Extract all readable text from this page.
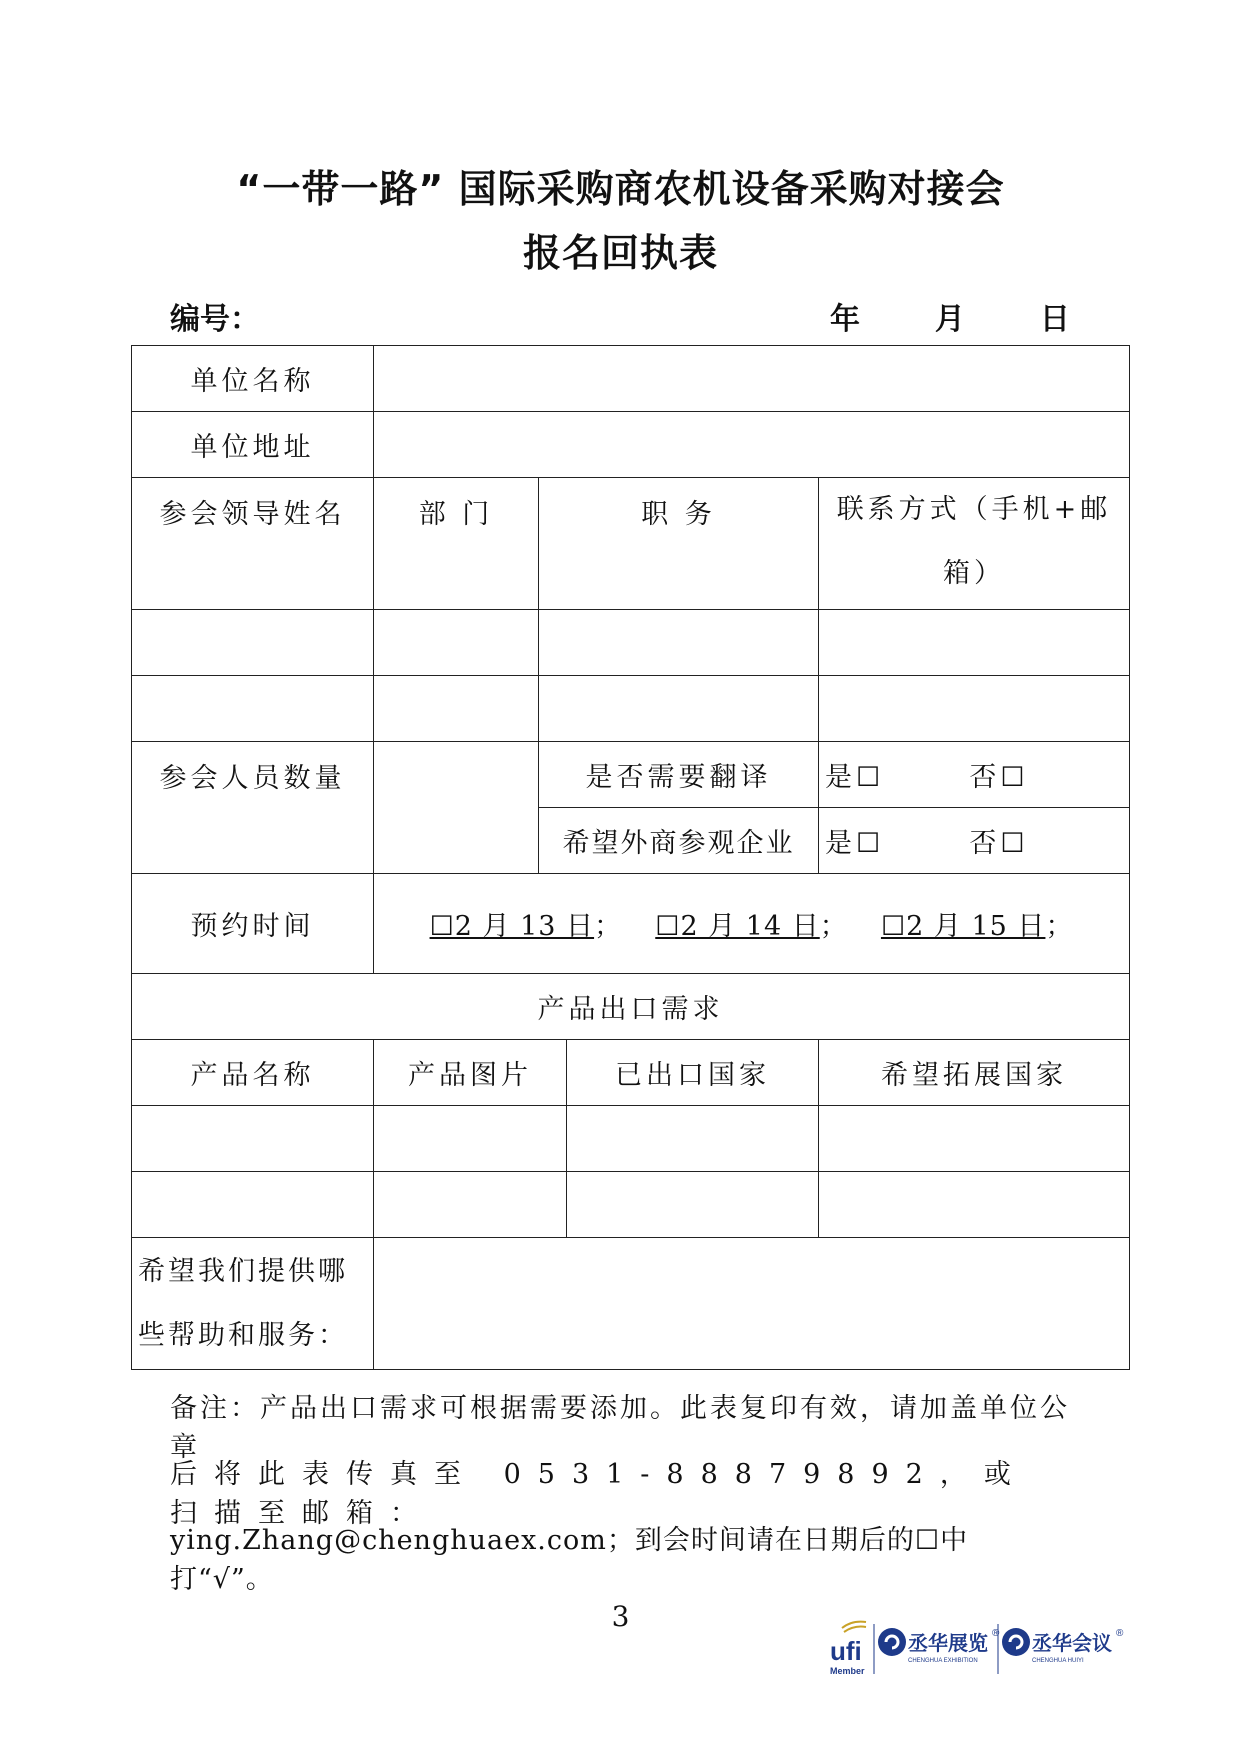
“一带一路” 国际采购商农机设备采购对接会
报名回执表
编号：	年 月 日
单位名称				
单位地址				
参会领导姓名	部 门	职 务		联系方式（手机+邮箱）

参会人员数量		是否需要翻译		是☐ 否☐
		希望外商参观企业		是☐ 否☐
预约时间	☐2 月 13 日； ☐2 月 14 日； ☐2 月 15 日；			
产品出口需求				
产品名称	产品图片		已出口国家	希望拓展国家

希望我们提供哪些帮助和服务：				
备注：产品出口需求可根据需要添加。此表复印有效，请加盖单位公章
后将此表传真至 0531-88879892，或扫描至邮箱：
ying.Zhang@chenghuaex.com；到会时间请在日期后的☐中打“√”。
3
ufi
Member
丞华展览 ®
CHENGHUA EXHIBITION
丞华会议 ®
CHENGHUA HUIYI
